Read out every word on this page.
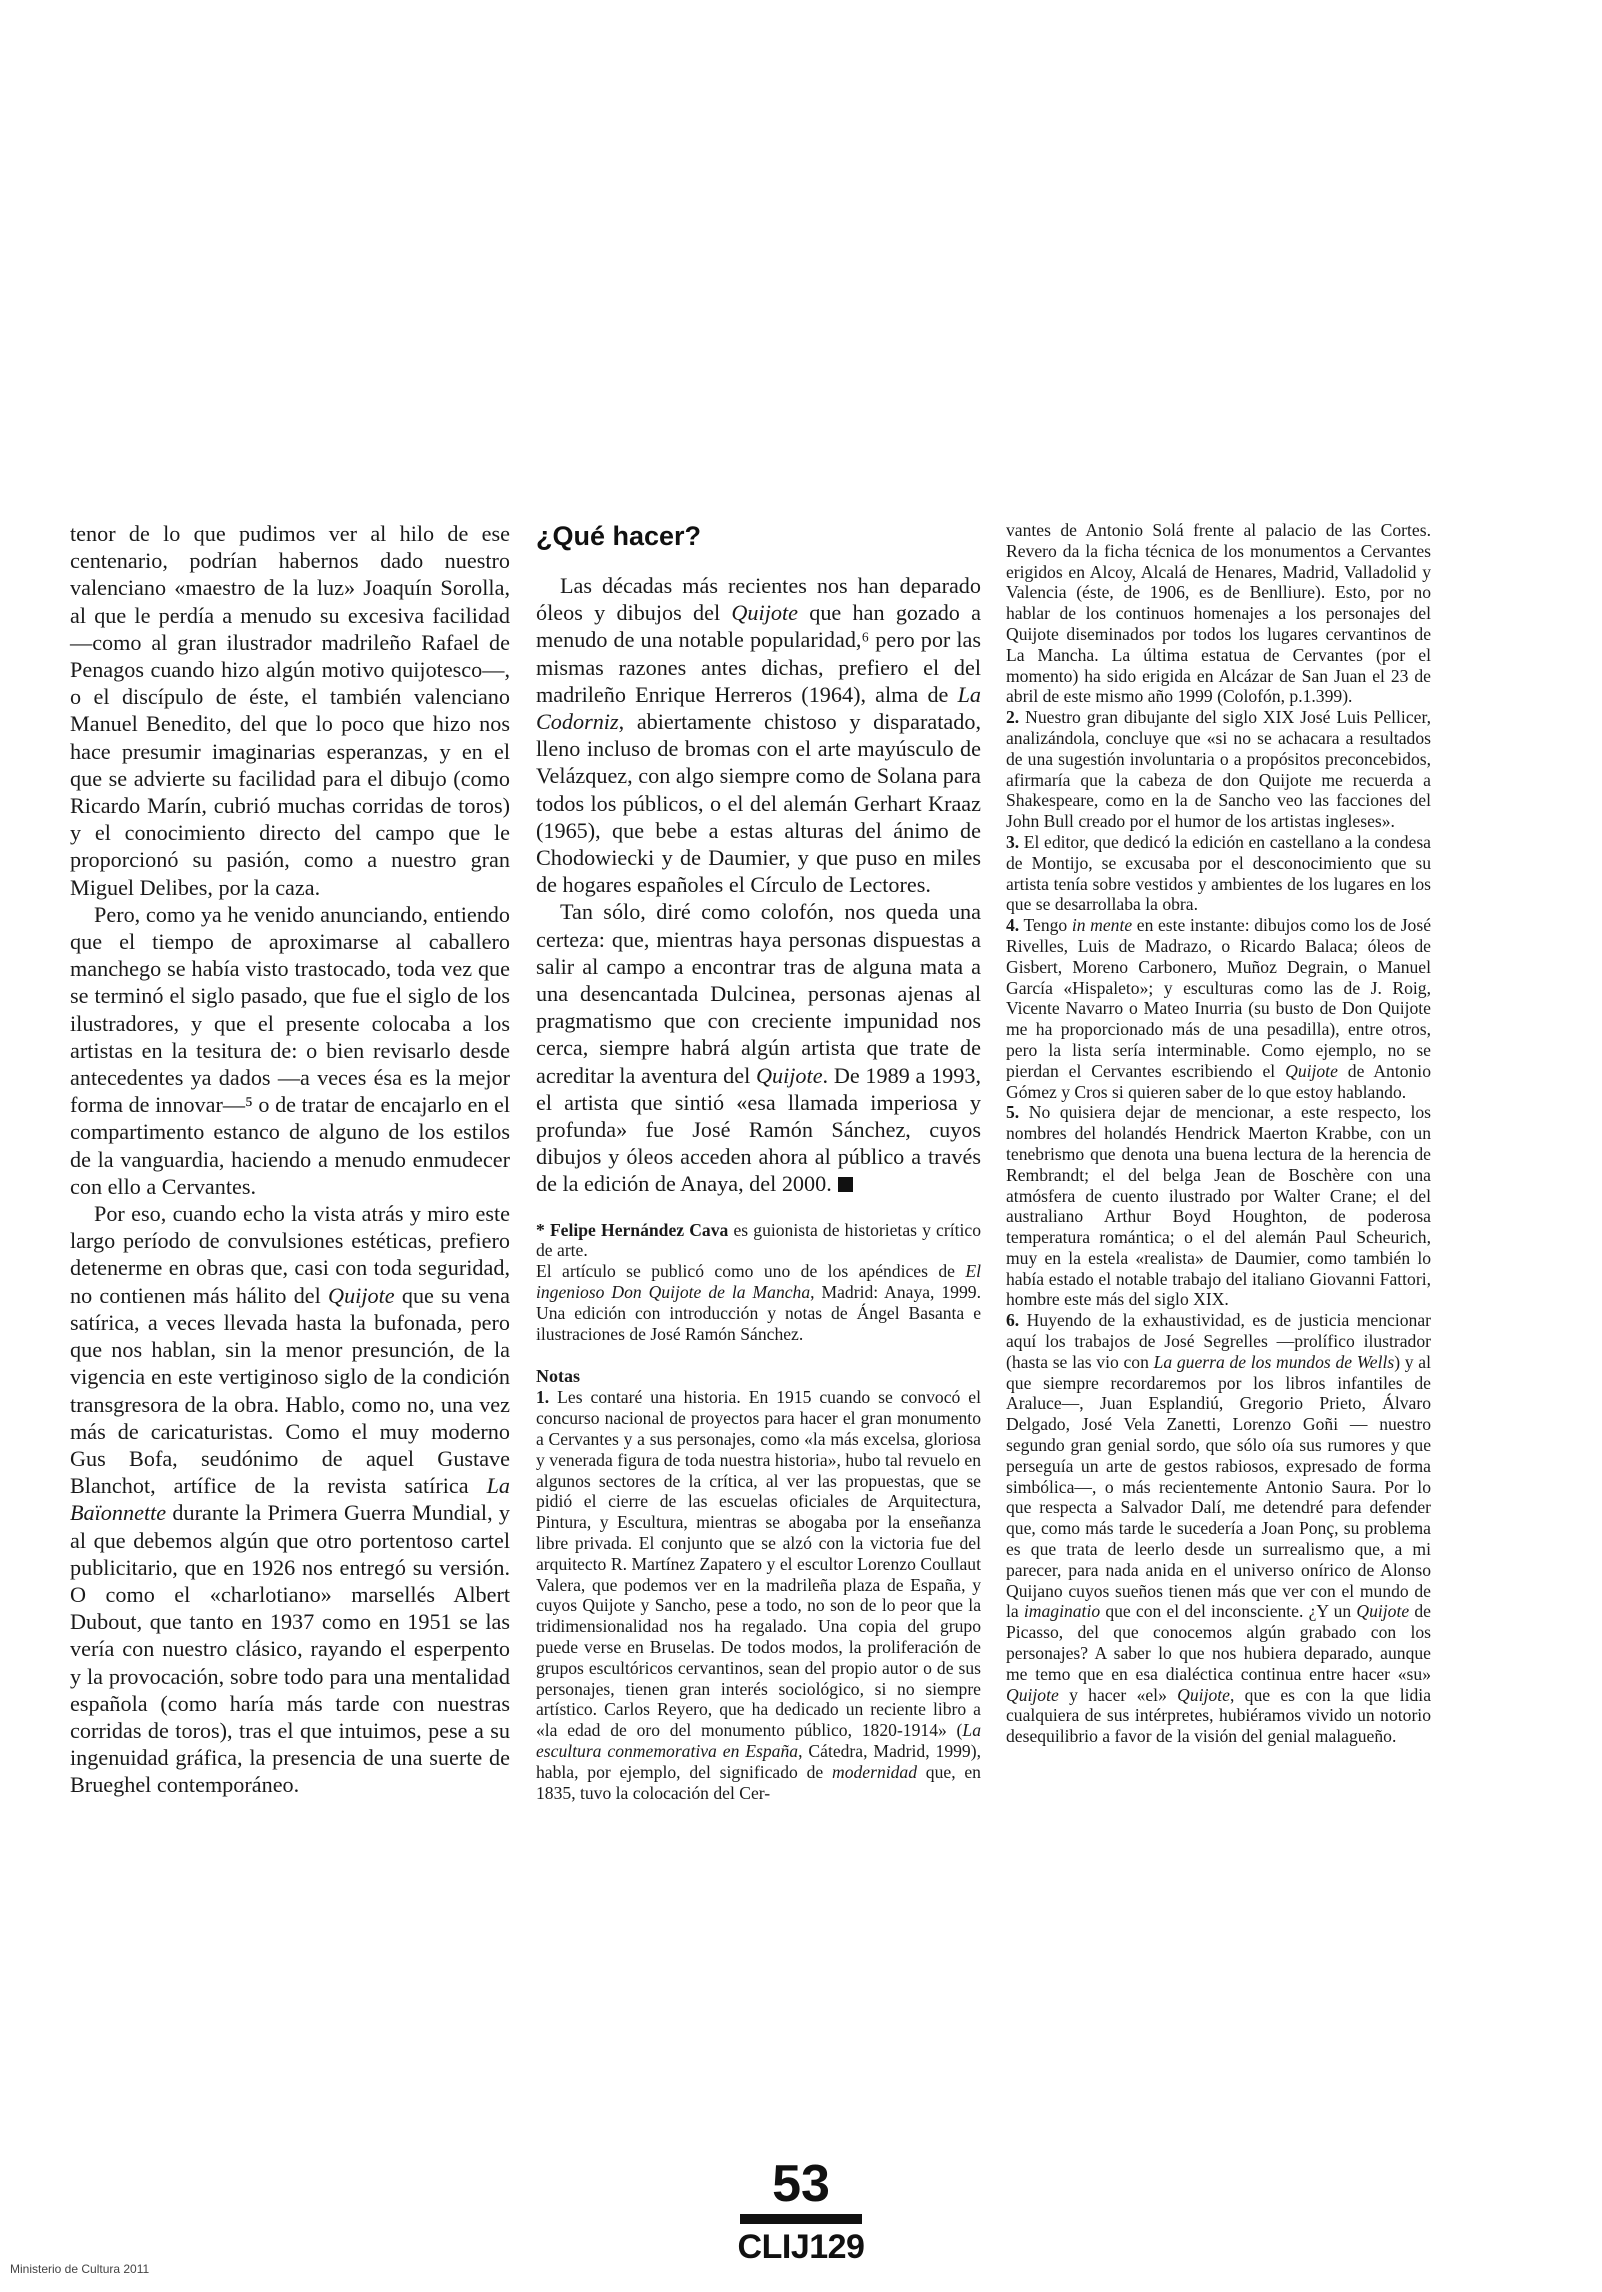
tenor de lo que pudimos ver al hilo de ese centenario, podrían habernos dado nuestro valenciano «maestro de la luz» Joaquín Sorolla, al que le perdía a menudo su excesiva facilidad —como al gran ilustrador madrileño Rafael de Penagos cuando hizo algún motivo quijotesco—, o el discípulo de éste, el también valenciano Manuel Benedito, del que lo poco que hizo nos hace presumir imaginarias esperanzas, y en el que se advierte su facilidad para el dibujo (como Ricardo Marín, cubrió muchas corridas de toros) y el conocimiento directo del campo que le proporcionó su pasión, como a nuestro gran Miguel Delibes, por la caza.

Pero, como ya he venido anunciando, entiendo que el tiempo de aproximarse al caballero manchego se había visto trastocado, toda vez que se terminó el siglo pasado, que fue el siglo de los ilustradores, y que el presente colocaba a los artistas en la tesitura de: o bien revisarlo desde antecedentes ya dados —a veces ésa es la mejor forma de innovar—⁵ o de tratar de encajarlo en el compartimento estanco de alguno de los estilos de la vanguardia, haciendo a menudo enmudecer con ello a Cervantes.

Por eso, cuando echo la vista atrás y miro este largo período de convulsiones estéticas, prefiero detenerme en obras que, casi con toda seguridad, no contienen más hálito del Quijote que su vena satírica, a veces llevada hasta la bufonada, pero que nos hablan, sin la menor presunción, de la vigencia en este vertiginoso siglo de la condición transgresora de la obra. Hablo, como no, una vez más de caricaturistas. Como el muy moderno Gus Bofa, seudónimo de aquel Gustave Blanchot, artífice de la revista satírica La Baïonnette durante la Primera Guerra Mundial, y al que debemos algún que otro portentoso cartel publicitario, que en 1926 nos entregó su versión. O como el «charlotiano» marsellés Albert Dubout, que tanto en 1937 como en 1951 se las vería con nuestro clásico, rayando el esperpento y la provocación, sobre todo para una mentalidad española (como haría más tarde con nuestras corridas de toros), tras el que intuimos, pese a su ingenuidad gráfica, la presencia de una suerte de Brueghel contemporáneo.

¿Qué hacer?

Las décadas más recientes nos han deparado óleos y dibujos del Quijote que han gozado a menudo de una notable popularidad,⁶ pero por las mismas razones antes dichas, prefiero el del madrileño Enrique Herreros (1964), alma de La Codorniz, abiertamente chistoso y disparatado, lleno incluso de bromas con el arte mayúsculo de Velázquez, con algo siempre como de Solana para todos los públicos, o el del alemán Gerhart Kraaz (1965), que bebe a estas alturas del ánimo de Chodowiecki y de Daumier, y que puso en miles de hogares españoles el Círculo de Lectores.

Tan sólo, diré como colofón, nos queda una certeza: que, mientras haya personas dispuestas a salir al campo a encontrar tras de alguna mata a una desencantada Dulcinea, personas ajenas al pragmatismo que con creciente impunidad nos cerca, siempre habrá algún artista que trate de acreditar la aventura del Quijote. De 1989 a 1993, el artista que sintió «esa llamada imperiosa y profunda» fue José Ramón Sánchez, cuyos dibujos y óleos acceden ahora al público a través de la edición de Anaya, del 2000.

* Felipe Hernández Cava es guionista de historietas y crítico de arte.

El artículo se publicó como uno de los apéndices de El ingenioso Don Quijote de la Mancha, Madrid: Anaya, 1999. Una edición con introducción y notas de Ángel Basanta e ilustraciones de José Ramón Sánchez.

Notas

1. Les contaré una historia. En 1915 cuando se convocó el concurso nacional de proyectos para hacer el gran monumento a Cervantes y a sus personajes, como «la más excelsa, gloriosa y venerada figura de toda nuestra historia», hubo tal revuelo en algunos sectores de la crítica, al ver las propuestas, que se pidió el cierre de las escuelas oficiales de Arquitectura, Pintura, y Escultura, mientras se abogaba por la enseñanza libre privada. El conjunto que se alzó con la victoria fue del arquitecto R. Martínez Zapatero y el escultor Lorenzo Coullaut Valera, que podemos ver en la madrileña plaza de España, y cuyos Quijote y Sancho, pese a todo, no son de lo peor que la tridimensionalidad nos ha regalado. Una copia del grupo puede verse en Bruselas. De todos modos, la proliferación de grupos escultóricos cervantinos, sean del propio autor o de sus personajes, tienen gran interés sociológico, si no siempre artístico. Carlos Reyero, que ha dedicado un reciente libro a «la edad de oro del monumento público, 1820-1914» (La escultura conmemorativa en España, Cátedra, Madrid, 1999), habla, por ejemplo, del significado de modernidad que, en 1835, tuvo la colocación del Cer-

vantes de Antonio Solá frente al palacio de las Cortes. Revero da la ficha técnica de los monumentos a Cervantes erigidos en Alcoy, Alcalá de Henares, Madrid, Valladolid y Valencia (éste, de 1906, es de Benlliure). Esto, por no hablar de los continuos homenajes a los personajes del Quijote diseminados por todos los lugares cervantinos de La Mancha. La última estatua de Cervantes (por el momento) ha sido erigida en Alcázar de San Juan el 23 de abril de este mismo año 1999 (Colofón, p.1.399).

2. Nuestro gran dibujante del siglo XIX José Luis Pellicer, analizándola, concluye que «si no se achacara a resultados de una sugestión involuntaria o a propósitos preconcebidos, afirmaría que la cabeza de don Quijote me recuerda a Shakespeare, como en la de Sancho veo las facciones del John Bull creado por el humor de los artistas ingleses».

3. El editor, que dedicó la edición en castellano a la condesa de Montijo, se excusaba por el desconocimiento que su artista tenía sobre vestidos y ambientes de los lugares en los que se desarrollaba la obra.

4. Tengo in mente en este instante: dibujos como los de José Rivelles, Luis de Madrazo, o Ricardo Balaca; óleos de Gisbert, Moreno Carbonero, Muñoz Degrain, o Manuel García «Hispaleto»; y esculturas como las de J. Roig, Vicente Navarro o Mateo Inurria (su busto de Don Quijote me ha proporcionado más de una pesadilla), entre otros, pero la lista sería interminable. Como ejemplo, no se pierdan el Cervantes escribiendo el Quijote de Antonio Gómez y Cros si quieren saber de lo que estoy hablando.

5. No quisiera dejar de mencionar, a este respecto, los nombres del holandés Hendrick Maerton Krabbe, con un tenebrismo que denota una buena lectura de la herencia de Rembrandt; el del belga Jean de Boschère con una atmósfera de cuento ilustrado por Walter Crane; el del australiano Arthur Boyd Houghton, de poderosa temperatura romántica; o el del alemán Paul Scheurich, muy en la estela «realista» de Daumier, como también lo había estado el notable trabajo del italiano Giovanni Fattori, hombre este más del siglo XIX.

6. Huyendo de la exhaustividad, es de justicia mencionar aquí los trabajos de José Segrelles —prolífico ilustrador (hasta se las vio con La guerra de los mundos de Wells) y al que siempre recordaremos por los libros infantiles de Araluce—, Juan Esplandiú, Gregorio Prieto, Álvaro Delgado, José Vela Zanetti, Lorenzo Goñi — nuestro segundo gran genial sordo, que sólo oía sus rumores y que perseguía un arte de gestos rabiosos, expresado de forma simbólica—, o más recientemente Antonio Saura. Por lo que respecta a Salvador Dalí, me detendré para defender que, como más tarde le sucedería a Joan Ponç, su problema es que trata de leerlo desde un surrealismo que, a mi parecer, para nada anida en el universo onírico de Alonso Quijano cuyos sueños tienen más que ver con el mundo de la imaginatio que con el del inconsciente. ¿Y un Quijote de Picasso, del que conocemos algún grabado con los personajes? A saber lo que nos hubiera deparado, aunque me temo que en esa dialéctica continua entre hacer «su» Quijote y hacer «el» Quijote, que es con la que lidia cualquiera de sus intérpretes, hubiéramos vivido un notorio desequilibrio a favor de la visión del genial malagueño.

53
CLIJ129
Ministerio de Cultura 2011
